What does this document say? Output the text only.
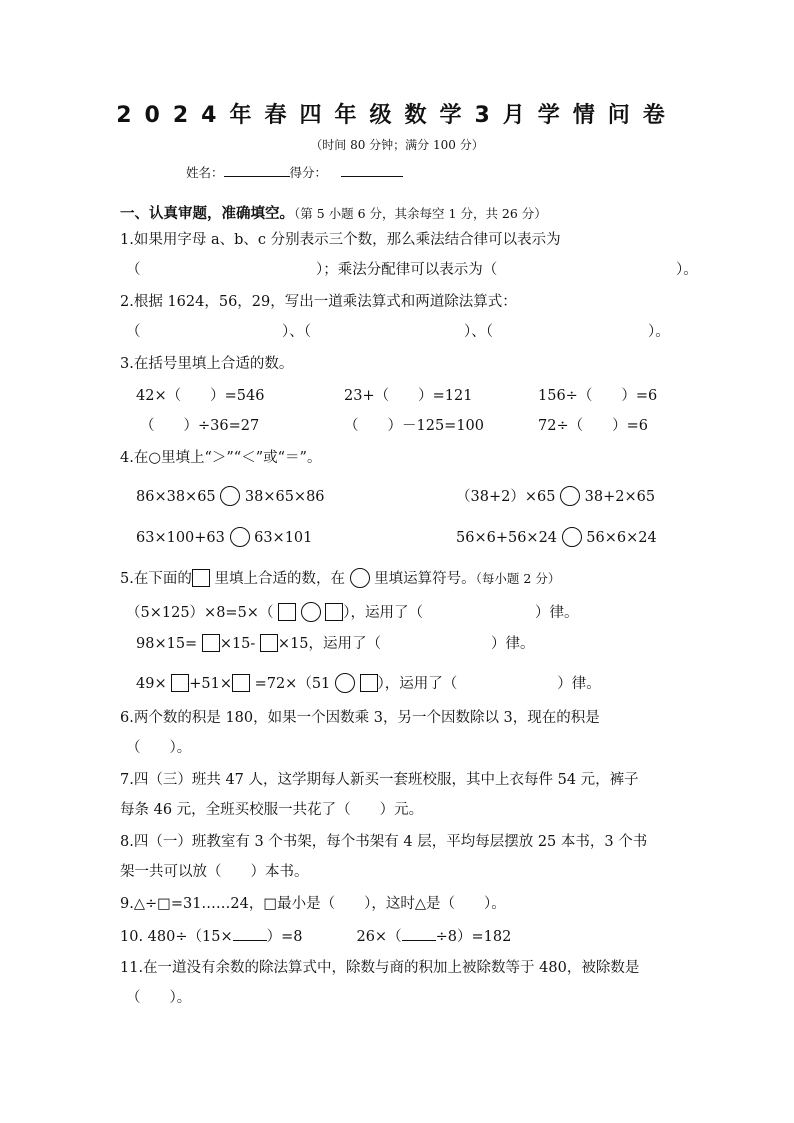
2024年春四年级数学3月学情问卷
（时间 80 分钟；满分 100 分）
姓名：	得分：
一、认真审题，准确填空。（第 5 小题 6 分，其余每空 1 分，共 26 分）
1.如果用字母 a、b、c 分别表示三个数，那么乘法结合律可以表示为
（	）；乘法分配律可以表示为（	）。
2.根据 1624，56，29，写出一道乘法算式和两道除法算式：
（	）、（	）、（	）。
3.在括号里填上合适的数。
42×（　　）=546	23+（　　）=121	156÷（　　）=6
（　　）÷36=27	（　　）－125=100	72÷（　　）=6
4.在○里填上“＞”“＜”或“＝”。
86×38×65 38×65×86	（38+2）×65 38+2×65
63×100+63 63×101	56×6+56×24 56×6×24
5.在下面的 里填上合适的数，在 里填运算符号。（每小题 2 分）
（5×125）×8=5×（	），运用了（	）律。
98×15= ×15- ×15，运用了（	）律。
49× +51× =72×（51	），运用了（	）律。
6.两个数的积是 180，如果一个因数乘 3，另一个因数除以 3，现在的积是
（　　）。
7.四（三）班共 47 人，这学期每人新买一套班校服，其中上衣每件 54 元，裤子
每条 46 元，全班买校服一共花了（　　）元。
8.四（一）班教室有 3 个书架，每个书架有 4 层，平均每层摆放 25 本书，3 个书
架一共可以放（　　）本书。
9.△÷□=31……24，□最小是（　　），这时△是（　　）。
10. 480÷（15× ）=8	26×（ ÷8）=182
11.在一道没有余数的除法算式中，除数与商的积加上被除数等于 480，被除数是
（　　）。
